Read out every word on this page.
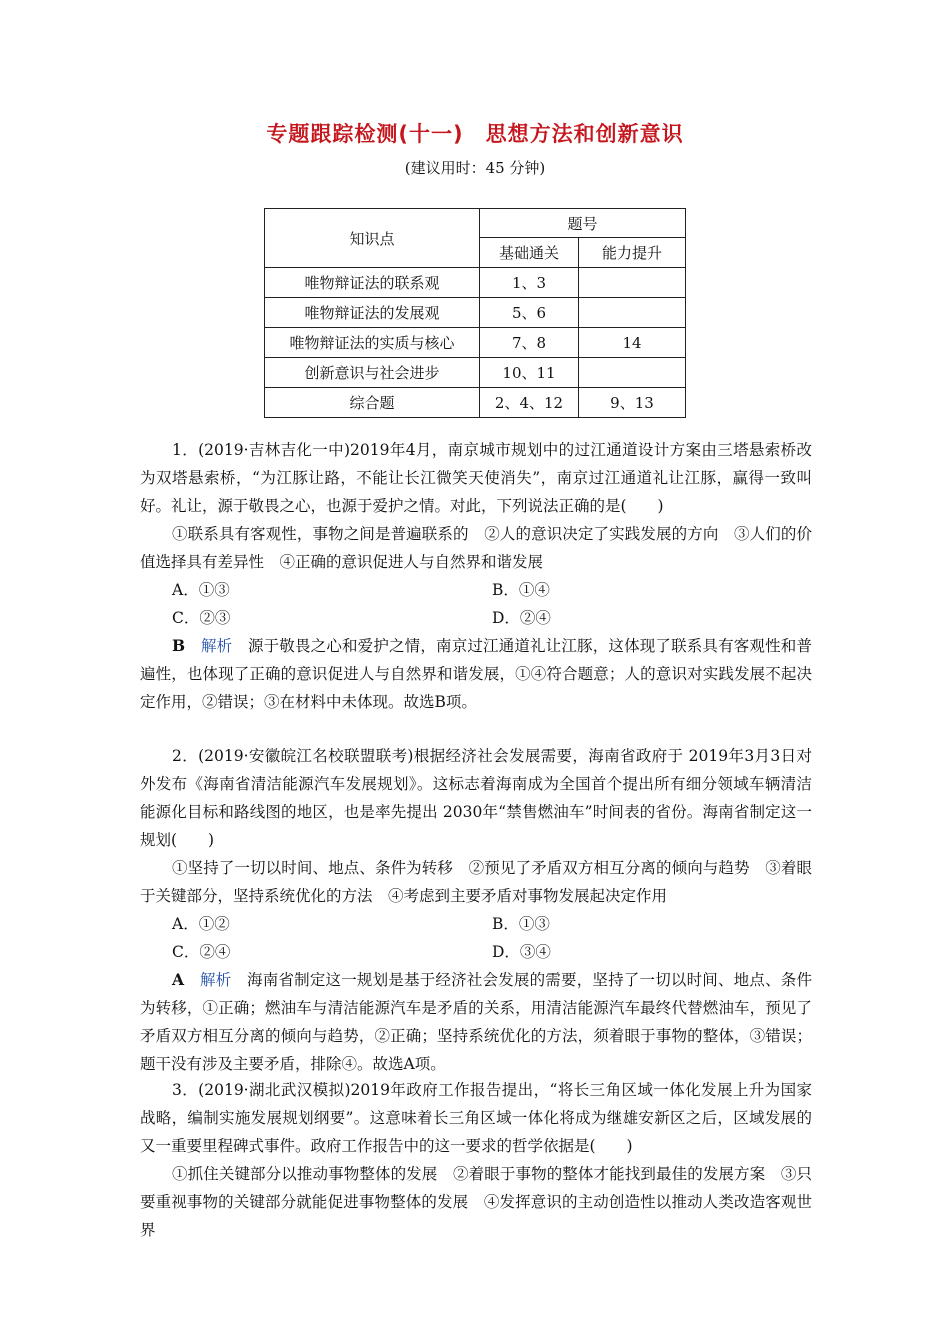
专题跟踪检测(十一) 思想方法和创新意识
(建议用时：45 分钟)
知识点	题号	
	基础通关	能力提升
唯物辩证法的联系观	1、3	
唯物辩证法的发展观	5、6	
唯物辩证法的实质与核心	7、8	14
创新意识与社会进步	10、11	
综合题	2、4、12	9、13

1．(2019·吉林吉化一中)2019年4月，南京城市规划中的过江通道设计方案由三塔悬索桥改为双塔悬索桥，“为江豚让路，不能让长江微笑天使消失”，南京过江通道礼让江豚，赢得一致叫好。礼让，源于敬畏之心，也源于爱护之情。对此，下列说法正确的是(　　)

①联系具有客观性，事物之间是普遍联系的　②人的意识决定了实践发展的方向　③人们的价值选择具有差异性　④正确的意识促进人与自然界和谐发展

A．①③	B．①④
C．②③	D．②④

B　 解析　 源于敬畏之心和爱护之情，南京过江通道礼让江豚，这体现了联系具有客观性和普遍性，也体现了正确的意识促进人与自然界和谐发展，①④符合题意；人的意识对实践发展不起决定作用，②错误；③在材料中未体现。故选B项。

2．(2019·安徽皖江名校联盟联考)根据经济社会发展需要，海南省政府于 2019年3月3日对外发布《海南省清洁能源汽车发展规划》。这标志着海南成为全国首个提出所有细分领域车辆清洁能源化目标和路线图的地区，也是率先提出 2030年“禁售燃油车”时间表的省份。海南省制定这一规划(　　)

①坚持了一切以时间、地点、条件为转移　②预见了矛盾双方相互分离的倾向与趋势　③着眼于关键部分，坚持系统优化的方法　④考虑到主要矛盾对事物发展起决定作用

A．①②	B．①③
C．②④	D．③④

A　 解析　 海南省制定这一规划是基于经济社会发展的需要，坚持了一切以时间、地点、条件为转移，①正确；燃油车与清洁能源汽车是矛盾的关系，用清洁能源汽车最终代替燃油车，预见了矛盾双方相互分离的倾向与趋势，②正确；坚持系统优化的方法，须着眼于事物的整体，③错误；题干没有涉及主要矛盾，排除④。故选A项。

3．(2019·湖北武汉模拟)2019年政府工作报告提出，“将长三角区域一体化发展上升为国家战略，编制实施发展规划纲要”。这意味着长三角区域一体化将成为继雄安新区之后，区域发展的又一重要里程碑式事件。政府工作报告中的这一要求的哲学依据是(　　)

①抓住关键部分以推动事物整体的发展　②着眼于事物的整体才能找到最佳的发展方案　③只要重视事物的关键部分就能促进事物整体的发展　④发挥意识的主动创造性以推动人类改造客观世界
